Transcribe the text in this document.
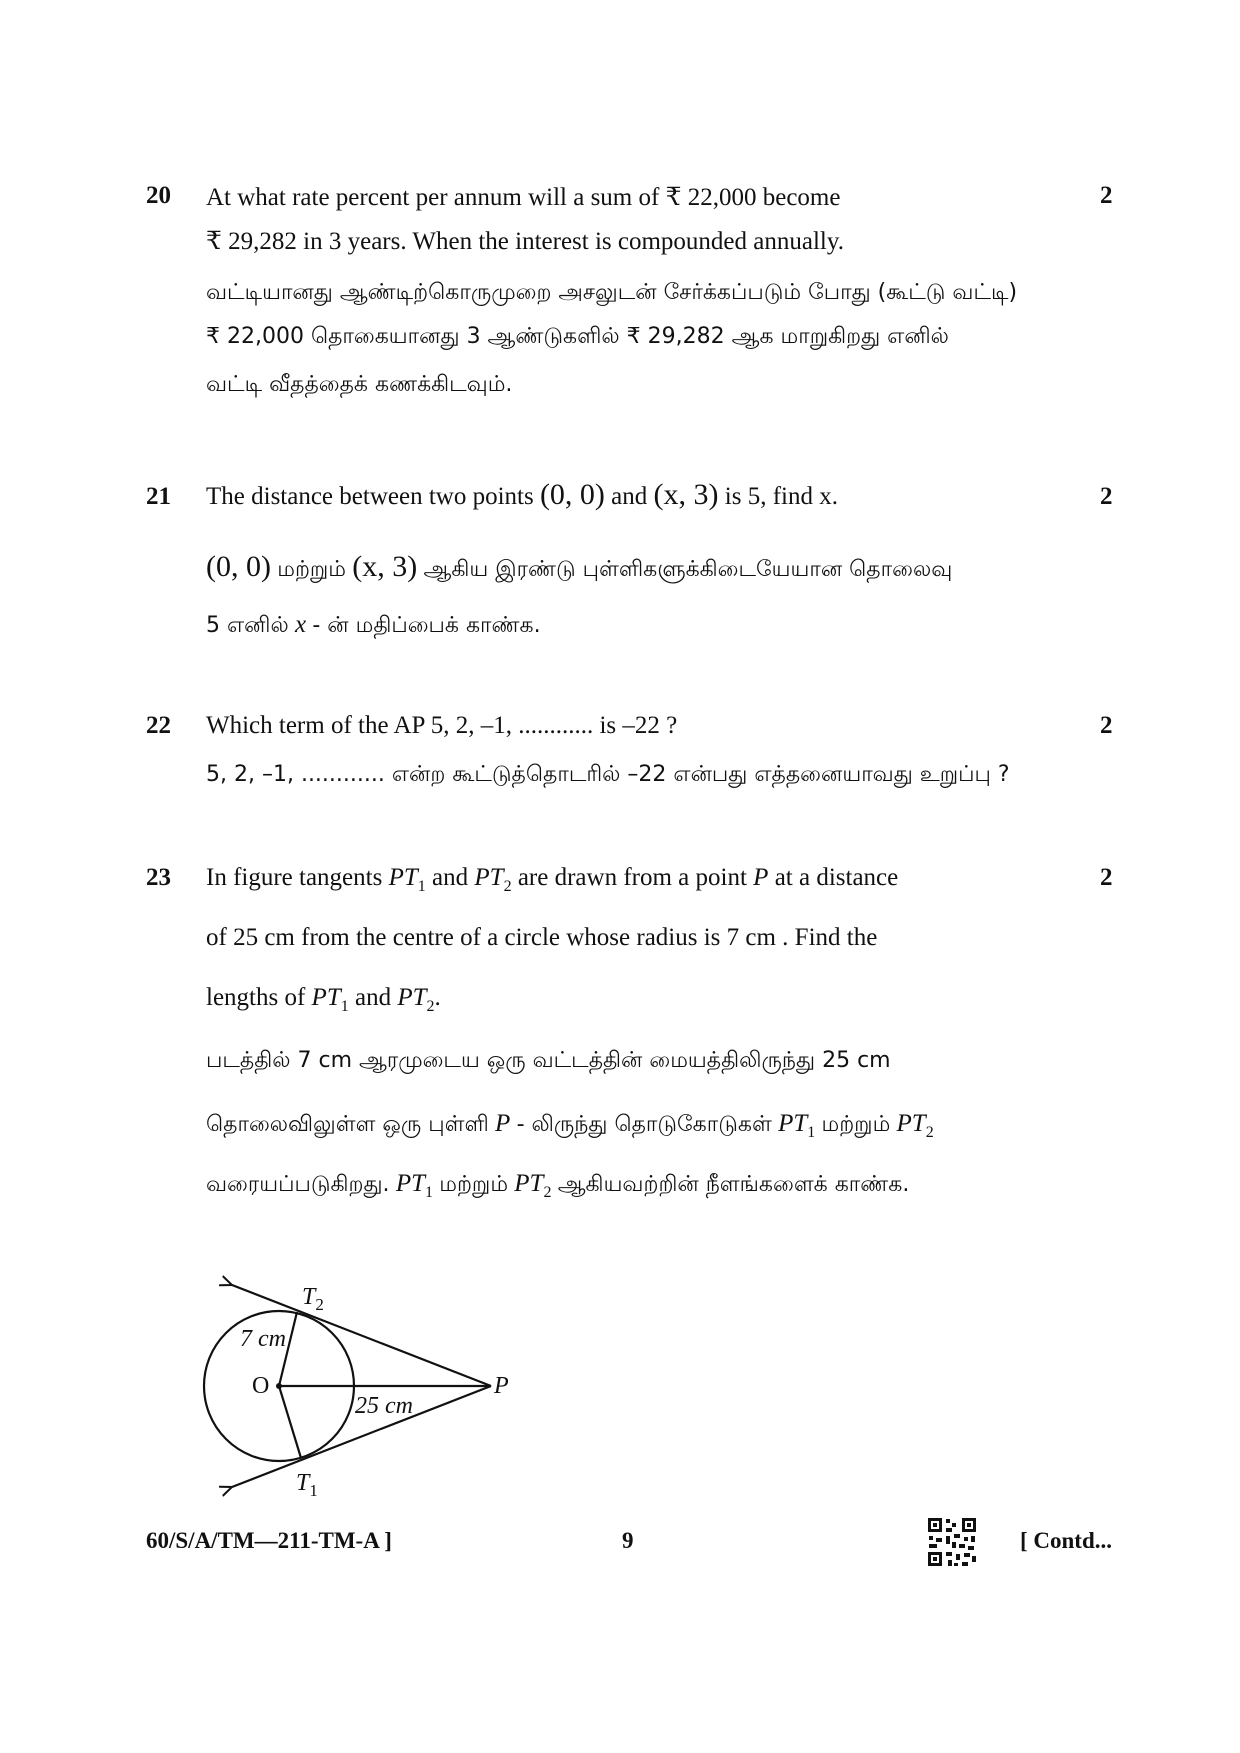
20	2
At what rate percent per annum will a sum of ₹ 22,000 become
₹ 29,282 in 3 years. When the interest is compounded annually.
வட்டியானது ஆண்டிற்கொருமுறை அசலுடன் சேர்க்கப்படும் போது (கூட்டு வட்டி)
₹ 22,000 தொகையானது 3 ஆண்டுகளில் ₹ 29,282 ஆக மாறுகிறது எனில்
வட்டி வீதத்தைக் கணக்கிடவும்.
21	2
The distance between two points (0, 0) and (x, 3) is 5, find x.
(0, 0) மற்றும் (x, 3) ஆகிய இரண்டு புள்ளிகளுக்கிடையேயான தொலைவு
5 எனில் x - ன் மதிப்பைக் காண்க.
22	2
Which term of the AP 5, 2, –1, ............ is –22 ?
5, 2, –1, ............ என்ற கூட்டுத்தொடரில் –22 என்பது எத்தனையாவது உறுப்பு ?
23	2
In figure tangents $PT_1$ and $PT_2$ are drawn from a point P at a distance
of 25 cm from the centre of a circle whose radius is 7 cm . Find the
lengths of $PT_1$ and $PT_2$.
படத்தில் 7 cm ஆரமுடைய ஒரு வட்டத்தின் மையத்திலிருந்து 25 cm
தொலைவிலுள்ள ஒரு புள்ளி P - லிருந்து தொடுகோடுகள் $PT_1$ மற்றும் $PT_2$
வரையப்படுகிறது. $PT_1$ மற்றும் $PT_2$ ஆகியவற்றின் நீளங்களைக் காண்க.
$T_2$
$T_1$
O	P
7 cm
25 cm
60/S/A/TM—211-TM-A ]	9	[ Contd...
